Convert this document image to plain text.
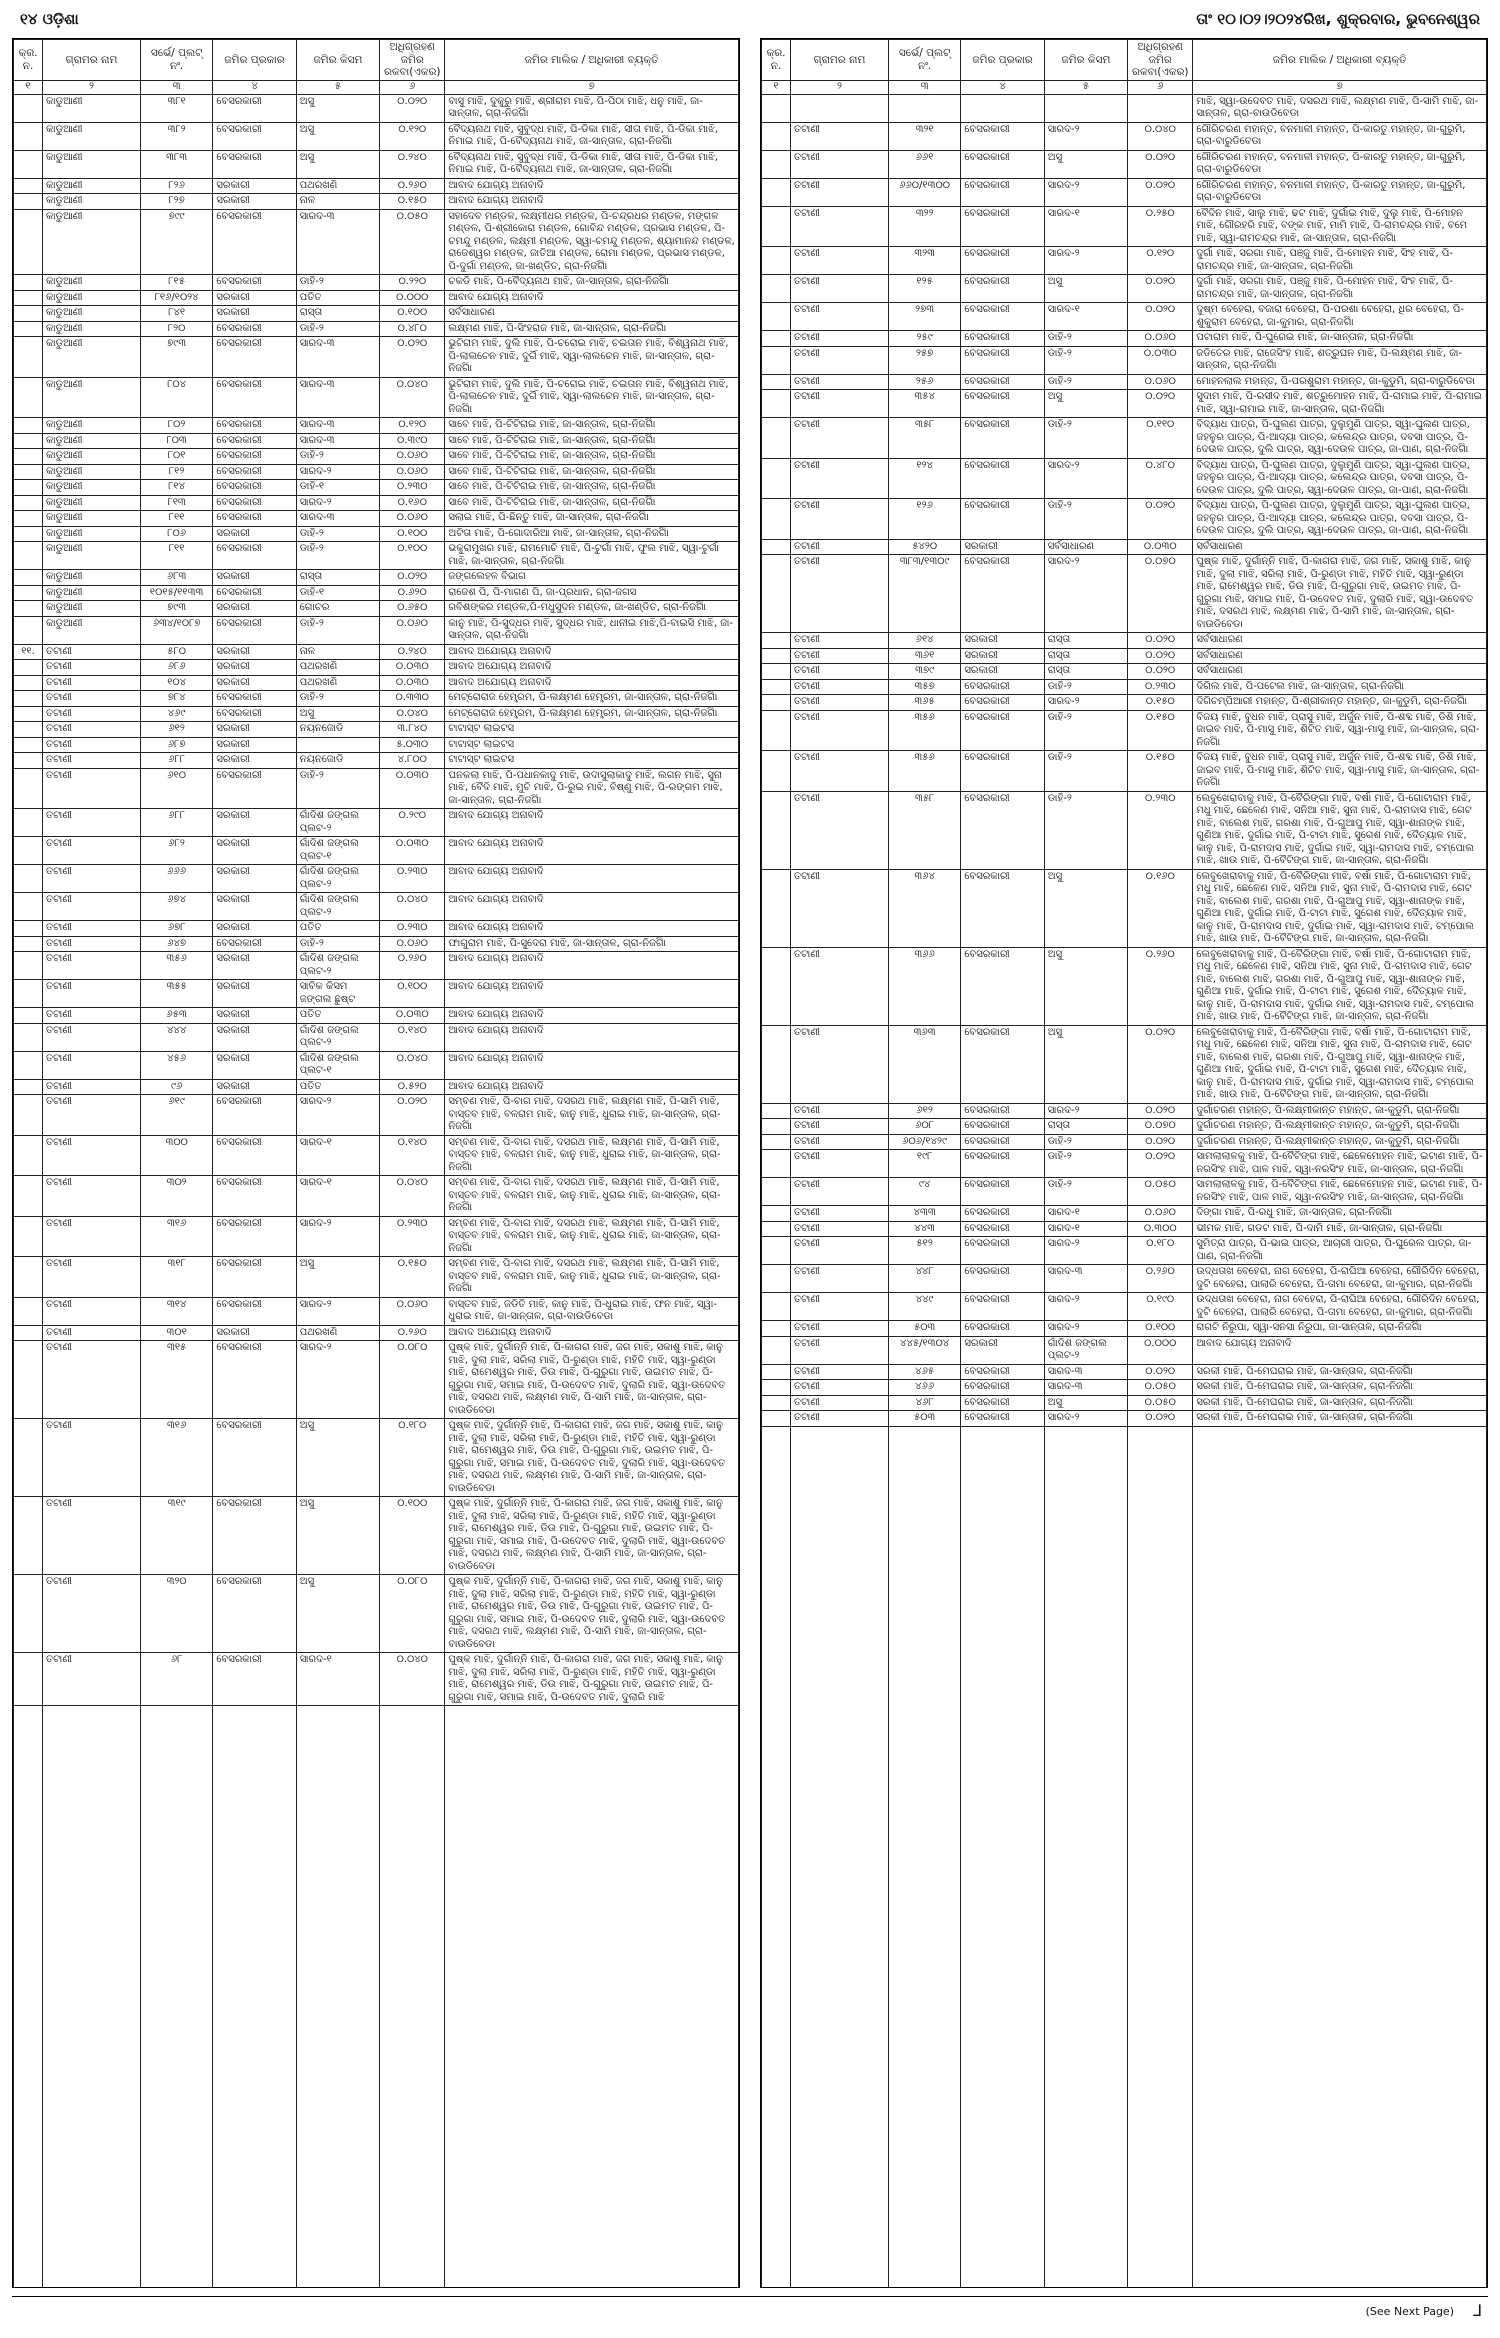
୧୪ ଓଡ଼ିଶା	ତାଂ ୧୦।୦୨।୨୦୨୪ରିଖ, ଶୁକ୍ରବାର, ଭୁବନେଶ୍ୱର
କ୍ର. ନ.	ଗ୍ରାମର ନାମ	ସର୍ଭେ/ ପ୍ଲଟ୍ ନଂ.	ଜମିର ପ୍ରକାର	ଜମିର କିସମ	ଅଧିଗ୍ରହଣ ଜମିର ରକବା(ଏକର)	ଜମିର ମାଲିକ / ଅଧିକାରୀ ବ୍ୟକ୍ତି
୧	୨	୩	୪	୫	୬	୭
	କାଡୁଆଣୀ	୩୮୧	ବେସରକାରୀ	ଅସୁ	୦.୦୨୦	ବାସୁ ମାଝି, ଦୁକୁରୁ ମାଝି, ଶ୍ରୀରାମ ମାଝି, ପି-ପିଠା ମାଝି, ଧନୁ ମାଝି, ଜା-ସାନ୍ତାଳ, ଗ୍ରା-ନିଜର୍ଗାଁ
	କାଡୁଆଣୀ	୩୮୨	ବେସରକାରୀ	ଅସୁ	୦.୧୨୦	ବୈଦ୍ୟନାଥ ମାଝି, ସୁବୁଦ୍ଧ ମାଝି, ପି-ଡିକା ମାଝି, ସୀତା ମାଝି, ପି-ଡିକା ମାଝି, ନିମାଇ ମାଝି, ପି-ବୈଦ୍ୟନାଥ ମାଝି, ଜା-ସାନ୍ତାଳ, ଗ୍ରା-ନିଜର୍ଗାଁ
	କାଡୁଆଣୀ	୩୮୩	ବେସରକାରୀ	ଅସୁ	୦.୨୪୦	ବୈଦ୍ୟନାଥ ମାଝି, ସୁବୁଦ୍ଧ ମାଝି, ପି-ଡିକା ମାଝି, ସୀତା ମାଝି, ପି-ଡିକା ମାଝି, ନିମାଇ ମାଝି, ପି-ବୈଦ୍ୟନାଥ ମାଝି, ଜା-ସାନ୍ତାଳ, ଗ୍ରା-ନିଜର୍ଗାଁ
	କାଡୁଆଣୀ	୮୨୬	ସରକାରୀ	ପଥରଖଣି	୦.୨୬୦	ଆବାଦ ଯୋଗ୍ୟ ଅନାବାଦି
	କାଡୁଆଣୀ	୮୨୭	ସରକାରୀ	ନାଳ	୦.୧୫୦	ଆବାଦ ଯୋଗ୍ୟ ଅନାବାଦି
	କାଡୁଆଣୀ	୭୯୯	ବେସରକାରୀ	ସାରଦ-୩	୦.୦୫୦	ସହାଦେବ ମଣ୍ଡଳ, ଲକ୍ଷ୍ମୀଧର ମଣ୍ଡଳ, ପି-ଚନ୍ଦ୍ରଧର ମଣ୍ଡଳ, ମଙ୍ଗଳ ମଣ୍ଡଳ, ପି-ଶ୍ରୀକୋରା ମଣ୍ଡଳ, ଗୋବିନ୍ଦ ମଣ୍ଡଳ, ପ୍ରଭାସ ମଣ୍ଡଳ, ପି-ଚମନ୍ଦୁ ମଣ୍ଡଳ, ଲକ୍ଷ୍ମୀ ମଣ୍ଡଳ, ସ୍ୱା-ଚମନ୍ଦୁ ମଣ୍ଡଳ, ଶ୍ୟାମାନନ୍ଦ ମଣ୍ଡଳ, ରାଜେଶ୍ୱର ମଣ୍ଡଳ, ଜାତିଆ ମଣ୍ଡଳ, ରୋମା ମଣ୍ଡଳ, ପ୍ରଭାସ ମଣ୍ଡଳ, ପି-ଦୁର୍ଗା ମଣ୍ଡଳ, ଜା-ଖଣ୍ଡିତ, ଗ୍ରା-ନିଜର୍ଗାଁ
	କାଡୁଆଣୀ	୮୧୫	ବେସରକାରୀ	ଡାହି-୨	୦.୨୨୦	ଚକଡି ମାଝି, ପି-ବୈଦ୍ୟନାଥ ମାଝି, ଜା-ସାନ୍ତାଳ, ଗ୍ରା-ନିଜର୍ଗାଁ
	କାଡୁଆଣୀ	୮୧୬/୧୦୨୪	ସରକାରୀ	ପତିତ	୦.୦୦୦	ଆବାଦ ଯୋଗ୍ୟ ଅନାବାଦି
	କାଡୁଆଣୀ	୮୪୧	ସରକାରୀ	ରାସ୍ତା	୦.୧୦୦	ସର୍ବସାଧାରଣ
	କାଡୁଆଣୀ	୮୨୦	ବେସରକାରୀ	ଡାହି-୨	୦.୪୮୦	ଲକ୍ଷ୍ମଣ ମାଝି, ପି-ସିଂହରାଜ ମାଝି, ଜା-ସାନ୍ତାଳ, ଗ୍ରା-ନିଜର୍ଗାଁ
	କାଡୁଆଣୀ	୭୯୩	ବେସରକାରୀ	ସାରଦ-୩	୦.୦୨୦	ଭୁଟିରାମ ମାଝି, ଦୁଲି ମାଝି, ପି-ଚରୋଇ ମାଝି, ଚଇତାନ ମାଝି, ବିଶ୍ୱନାଥ ମାଝି, ପି-ଲାଲଚେନ ମାଝି, ଦୁର୍ଗି ମାଝି, ସ୍ୱା-ଲାଲଚେନ ମାଝି, ଜା-ସାନ୍ତାଳ, ଗ୍ରା-ନିଜର୍ଗାଁ
	କାଡୁଆଣୀ	୮୦୪	ବେସରକାରୀ	ସାରଦ-୩	୦.୦୪୦	ଭୁଟିରାମ ମାଝି, ଦୁଲି ମାଝି, ପି-ଚରୋଇ ମାଝି, ଚଇତାନ ମାଝି, ବିଶ୍ୱନାଥ ମାଝି, ପି-ଲାଲଚେନ ମାଝି, ଦୁର୍ଗି ମାଝି, ସ୍ୱା-ଲାଲଚେନ ମାଝି, ଜା-ସାନ୍ତାଳ, ଗ୍ରା-ନିଜର୍ଗାଁ
	କାଡୁଆଣୀ	୮୦୨	ବେସରକାରୀ	ସାରଦ-୩	୦.୧୨୦	ସାବେ ମାଝି, ପି-ଟିଟିରାଇ ମାଝି, ଜା-ସାନ୍ତାଳ, ଗ୍ରା-ନିଜର୍ଗାଁ
	କାଡୁଆଣୀ	୮୦୩	ବେସରକାରୀ	ସାରଦ-୩	୦.୩୯୦	ସାବେ ମାଝି, ପି-ଟିଟିରାଇ ମାଝି, ଜା-ସାନ୍ତାଳ, ଗ୍ରା-ନିଜର୍ଗାଁ
	କାଡୁଆଣୀ	୮୦୧	ବେସରକାରୀ	ଡାହି-୨	୦.୦୬୦	ସାବେ ମାଝି, ପି-ଟିଟିରାଇ ମାଝି, ଜା-ସାନ୍ତାଳ, ଗ୍ରା-ନିଜର୍ଗାଁ
	କାଡୁଆଣୀ	୮୧୨	ବେସରକାରୀ	ସାରଦ-୨	୦.୦୬୦	ସାବେ ମାଝି, ପି-ଟିଟିରାଇ ମାଝି, ଜା-ସାନ୍ତାଳ, ଗ୍ରା-ନିଜର୍ଗାଁ
	କାଡୁଆଣୀ	୮୧୪	ବେସରକାରୀ	ଡାହି-୧	୦.୨୩୦	ସାବେ ମାଝି, ପି-ଟିଟିରାଇ ମାଝି, ଜା-ସାନ୍ତାଳ, ଗ୍ରା-ନିଜର୍ଗାଁ
	କାଡୁଆଣୀ	୮୧୩	ବେସରକାରୀ	ସାରଦ-୨	୦.୧୬୦	ସାବେ ମାଝି, ପି-ଟିଟିରାଇ ମାଝି, ଜା-ସାନ୍ତାଳ, ଗ୍ରା-ନିଜର୍ଗାଁ
	କାଡୁଆଣୀ	୮୧୧	ବେସରକାରୀ	ସାରଦ-୩	୦.୦୬୦	ସଲାଇ ମାଝି, ପି-ଛିନ୍ତୁ ମାଝି, ଜା-ସାନ୍ତାଳ, ଗ୍ରା-ନିଜର୍ଗାଁ
	କାଡୁଆଣୀ	୮୦୬	ସରକାରୀ	ଡାହି-୨	୦.୧୦୦	ଅଟିତା ମାଝି, ପି-ଗୋଦାରିଆ ମାଝି, ଜା-ସାନ୍ତାଳ, ଗ୍ରା-ନିଜର୍ଗାଁ
	କାଡୁଆଣୀ	୮୧୧	ବେସରକାରୀ	ଡାହି-୨	୦.୧୦୦	ଭକୁରାମୁଖର ମାଝି, ରାମମୋଚି ମାଝି, ପି-ଟୁର୍ଗା ମାଝି, ଫୁଲ ମାଝି, ସ୍ୱା-ଟୁର୍ଗା ମାଝି, ଜା-ସାନ୍ତାଳ, ଗ୍ରା-ନିଜର୍ଗାଁ
	କାଡୁଆଣୀ	୬୮୩	ସରକାରୀ	ରାସ୍ତା	୦.୦୨୦	ଜଙ୍ଗଲେହଳ ବିଭାଗ
	କାଡୁଆଣୀ	୧୦୧୫/୧୧୩୩	ବେସରକାରୀ	ଡାହି-୧	୦.୬୨୦	ରାଜେଶ ପି, ପି-ମାଗଣ ପି, ଜା-ପ୍ରଧାନ, ଗ୍ରା-ଜଗସ
	କାଡୁଆଣୀ	୭୯୩	ସରକାରୀ	ଗୋଚର	୦.୬୫୦	ରବିଶଙ୍କର ମଣ୍ଡଳ,ପି-ମଧୁସୁଦନ ମଣ୍ଡଳ, ଜା-ଖଣ୍ଡିତ, ଗ୍ରା-ନିଜର୍ଗାଁ
	କାଡୁଆଣୀ	୬୩୪/୧୦୮୭	ବେସରକାରୀ	ଡାହି-୨	୦.୦୬୦	କାନୁ ମାଝି, ପି-ସୁଦ୍ଧର ମାଝି, ସୁଦ୍ଧର ମାଝି, ଧାନୀଇ ମାଝି,ପି-ବାଇସି ମାଝି, ଜା-ସାନ୍ତାଳ, ଗ୍ରା-ନିଜର୍ଗାଁ
୧୧.	ତଟାଣୀ	୫୮୦	ସରକାରୀ	ନାଳ	୦.୨୪୦	ଆବାଦ ଅଯୋଗ୍ୟ ଅନାବାଦି
	ତଟାଣୀ	୬୮୬	ସରକାରୀ	ପଥରଖଣି	୦.୦୩୦	ଆବାଦ ଅଯୋଗ୍ୟ ଅନାବାଦି
	ତଟାଣୀ	୧୦୪	ସରକାରୀ	ପଥରଖଣି	୦.୦୩୦	ଆବାଦ ଅଯୋଗ୍ୟ ଅନାବାଦି
	ତଟାଣୀ	୭୮୪	ବେସରକାରୀ	ଡାହି-୨	୦.୩୩୦	ମେଟ୍ରୋରାଜ ହେମ୍ବ୍ରମ, ପି-ଲକ୍ଷ୍ମଣ ହେମ୍ବ୍ରମ, ଜା-ସାନ୍ତାଳ, ଗ୍ରା-ନିଜର୍ଗାଁ
	ତଟାଣୀ	୪୬୯	ବେସରକାରୀ	ଅସୁ	୦.୦୪୦	ମେଟ୍ରୋରାଜ ହେମ୍ବ୍ରମ, ପି-ଲକ୍ଷ୍ମଣ ହେମ୍ବ୍ରମ, ଜା-ସାନ୍ତାଳ, ଗ୍ରା-ନିଜର୍ଗାଁ
	ତଟାଣୀ	୬୧୨	ସରକାରୀ	ନୟନଜୋଡି	୩.୮୪୦	ଟାଟାସ୍ଟ ଲାଇଟସ
	ତଟାଣୀ	୬୮୭	ସରକାରୀ		୫.୦୩୦	ଟାଟାସ୍ଟ ଲାଇଟସ
	ତଟାଣୀ	୬୮୮	ସରକାରୀ	ନୟନଜୋଡି	୪.୮୦୦	ଟାଟାସ୍ଟ ଲାଇଟସ
	ତଟାଣୀ	୬୧୦	ବେସରକାରୀ	ଡାହି-୨	୦.୦୩୦	ଘନକଲା ମାଝି, ପି-ପଧାନକାଦୁ ମାଝି, ଉଦାସୁଲାକାଦୁ ମାଝି, ଲଗନ ମାଝି, ସୁନା ମାଝି, ବୈଦି ମାଝି, ମୁଚି ମାଝି, ପି-ରୁଇ ମାଝି, ବିଷ୍ଣୁ ମାଝି, ପି-ରଙ୍ଗମ ମାଝି, ଜା-ସାନ୍ତାଳ, ଗ୍ରା-ନିଜର୍ଗାଁ
	ତଟାଣୀ	୬୮୮	ସରକାରୀ	ଗାଁଦିଶ ଜଙ୍ଗଲ ପ୍ଲଟ-୨	୦.୨୯୦	ଆବାଦ ଯୋଗ୍ୟ ଅନାବାଦି
	ତଟାଣୀ	୬୮୨	ସରକାରୀ	ଗାଁଦିଶ ଜଙ୍ଗଲ ପ୍ଲଟ-୧	୦.୦୩୦	ଆବାଦ ଯୋଗ୍ୟ ଅନାବାଦି
	ତଟାଣୀ	୬୬୬	ସରକାରୀ	ଗାଁଦିଶ ଜଙ୍ଗଲ ପ୍ଲଟ-୨	୦.୨୩୦	ଆବାଦ ଯୋଗ୍ୟ ଅନାବାଦି
	ତଟାଣୀ	୬୭୪	ସରକାରୀ	ଗାଁଦିଶ ଜଙ୍ଗଲ ପ୍ଲଟ-୨	୦.୦୪୦	ଆବାଦ ଯୋଗ୍ୟ ଅନାବାଦି
	ତଟାଣୀ	୬୭୮	ସରକାରୀ	ପତିତ	୦.୨୩୦	ଆବାଦ ଯୋଗ୍ୟ ଅନାବାଦି
	ତଟାଣୀ	୬୪୭	ବେସରକାରୀ	ଡାହି-୨	୦.୦୬୦	ଫାଗୁରାମ ମାଝି, ପି-ସୁଦେରା ମାଝି, ଜା-ସାନ୍ତାଳ, ଗ୍ରା-ନିଜର୍ଗାଁ
	ତଟାଣୀ	୩୫୬	ସରକାରୀ	ଗାଁଦିଶ ଜଙ୍ଗଲ ପ୍ଲଟ-୨	୦.୨୬୦	ଆବାଦ ଯୋଗ୍ୟ ଅନାବାଦି
	ତଟାଣୀ	୩୫୫	ସରକାରୀ	ସାବିକ କିସମ ଜଙ୍ଗଲ ଛୁଷ୍ଟ	୦.୧୦୦	ଆବାଦ ଯୋଗ୍ୟ ଅନାବାଦି
	ତଟାଣୀ	୬୫୩	ସରକାରୀ	ପତିତ	୦.୦୩୦	ଆବାଦ ଯୋଗ୍ୟ ଅନାବାଦି
	ତଟାଣୀ	୪୪୪	ସରକାରୀ	ଗାଁଦିଶ ଜଙ୍ଗଲ ପ୍ଲଟ-୨	୦.୧୪୦	ଆବାଦ ଯୋଗ୍ୟ ଅନାବାଦି
	ତଟାଣୀ	୪୫୬	ସରକାରୀ	ଗାଁଦିଶ ଜଙ୍ଗଲ ପ୍ଲଟ-୧	୦.୦୪୦	ଆବାଦ ଯୋଗ୍ୟ ଅନାବାଦି
	ତଟାଣୀ	୯୬	ସରକାରୀ	ପତିତ	୦.୫୨୦	ଆବାଦ ଯୋଗ୍ୟ ଅନାବାଦି
	ତଟାଣୀ	୬୧୯	ବେସରକାରୀ	ସାରଦ-୨	୦.୦୨୦	ସମ୍ବଣ ମାଝି, ପି-ବାଗ ମାଝି, ଦସରଥ ମାଝି, ଲକ୍ଷ୍ମଣ ମାଝି, ପି-ସାମି ମାଝି, ବାସ୍ତବ ମାଝି, ବଳରାମ ମାଝି, କାନୁ ମାଝି, ଧୁରାଇ ମାଝି, ଜା-ସାନ୍ତାଳ, ଗ୍ରା-ନିଜର୍ଗାଁ
	ତଟାଣୀ	୩୦୦	ବେସରକାରୀ	ସାରଦ-୧	୦.୧୪୦	ସମ୍ବଣ ମାଝି, ପି-ବାଗ ମାଝି, ଦସରଥ ମାଝି, ଲକ୍ଷ୍ମଣ ମାଝି, ପି-ସାମି ମାଝି, ବାସ୍ତବ ମାଝି, ବଳରାମ ମାଝି, କାନୁ ମାଝି, ଧୁରାଇ ମାଝି, ଜା-ସାନ୍ତାଳ, ଗ୍ରା-ନିଜର୍ଗାଁ
	ତଟାଣୀ	୩୦୨	ବେସରକାରୀ	ସାରଦ-୧	୦.୦୪୦	ସମ୍ବଣ ମାଝି, ପି-ବାଗ ମାଝି, ଦସରଥ ମାଝି, ଲକ୍ଷ୍ମଣ ମାଝି, ପି-ସାମି ମାଝି, ବାସ୍ତବ ମାଝି, ବଳରାମ ମାଝି, କାନୁ ମାଝି, ଧୁରାଇ ମାଝି, ଜା-ସାନ୍ତାଳ, ଗ୍ରା-ନିଜର୍ଗାଁ
	ତଟାଣୀ	୩୧୬	ବେସରକାରୀ	ସାରଦ-୨	୦.୨୩୦	ସମ୍ବଣ ମାଝି, ପି-ବାଗ ମାଝି, ଦସରଥ ମାଝି, ଲକ୍ଷ୍ମଣ ମାଝି, ପି-ସାମି ମାଝି, ବାସ୍ତବ ମାଝି, ବଳରାମ ମାଝି, କାନୁ ମାଝି, ଧୁରାଇ ମାଝି, ଜା-ସାନ୍ତାଳ, ଗ୍ରା-ନିଜର୍ଗାଁ
	ତଟାଣୀ	୩୧୮	ବେସରକାରୀ	ଅସୁ	୦.୧୫୦	ସମ୍ବଣ ମାଝି, ପି-ବାଗ ମାଝି, ଦସରଥ ମାଝି, ଲକ୍ଷ୍ମଣ ମାଝି, ପି-ସାମି ମାଝି, ବାସ୍ତବ ମାଝି, ବଳରାମ ମାଝି, କାନୁ ମାଝି, ଧୁରାଇ ମାଝି, ଜା-ସାନ୍ତାଳ, ଗ୍ରା-ନିଜର୍ଗାଁ
	ତଟାଣୀ	୩୧୪	ବେସରକାରୀ	ସାରଦ-୨	୦.୦୬୦	ବାସ୍ତବ ମାଝି, ଜଡିତି ମାଝି, କାନୁ ମାଝି, ପି-ଧୁରାଇ ମାଝି, ଫନ ମାଝି, ସ୍ୱା-ଧୁରାଇ ମାଝି, ଜା-ସାନ୍ତାଳ, ଗ୍ରା-ବାଉଡିବେଡା
	ତଟାଣୀ	୩୦୧	ସରକାରୀ	ପଥରଖଣି	୦.୨୬୦	ଆବାଦ ଅଯୋଗ୍ୟ ଅନାବାଦି
	ତଟାଣୀ	୩୧୫	ବେସରକାରୀ	ସାରଦ-୨	୦.୦୮୦	ପୁଷ୍କ ମାଝି, ଦୁର୍ଗାନ୍ନି ମାଝି, ପି-କାଗରା ମାଝି, ଜଗ ମାଝି, ସକାଶୁ ମାଝି, କାନୁ ମାଝି, ଦୁଲା ମାଝି, ସରିଲା ମାଝି, ପି-ରୁଣ୍ଡା ମାଝି, ମହିତି ମାଝି, ସ୍ୱା-ରୁଣ୍ଡା ମାଝି, ରାମେଶ୍ୱର ମାଝି, ଡିଉ ମାଝି, ପି-ଗୁରୁଗା ମାଝି, ଉଇମତ ମାଝି, ପି-ଗୁରୁଗା ମାଝି, ସମାଇ ମାଝି, ପି-ଉଦେବତ ମାଝି, ଦୁଲାରି ମାଝି, ସ୍ୱା-ଉଦେବତ ମାଝି, ଦସରଥ ମାଝି, ଲକ୍ଷ୍ମଣ ମାଝି, ପି-ସାମି ମାଝି, ଜା-ସାନ୍ତାଳ, ଗ୍ରା-ବାଉଡିବେଡା
	ତଟାଣୀ	୩୧୬	ବେସରକାରୀ	ଅସୁ	୦.୧୮୦	ପୁଷ୍କ ମାଝି, ଦୁର୍ଗାନ୍ନି ମାଝି, ପି-କାଗରା ମାଝି, ଜଗ ମାଝି, ସକାଶୁ ମାଝି, କାନୁ ମାଝି, ଦୁଲା ମାଝି, ସରିଲା ମାଝି, ପି-ରୁଣ୍ଡା ମାଝି, ମହିତି ମାଝି, ସ୍ୱା-ରୁଣ୍ଡା ମାଝି, ରାମେଶ୍ୱର ମାଝି, ଡିଉ ମାଝି, ପି-ଗୁରୁଗା ମାଝି, ଉଇମତ ମାଝି, ପି-ଗୁରୁଗା ମାଝି, ସମାଇ ମାଝି, ପି-ଉଦେବତ ମାଝି, ଦୁଲାରି ମାଝି, ସ୍ୱା-ଉଦେବତ ମାଝି, ଦସରଥ ମାଝି, ଲକ୍ଷ୍ମଣ ମାଝି, ପି-ସାମି ମାଝି, ଜା-ସାନ୍ତାଳ, ଗ୍ରା-ବାଉଡିବେଡା
	ତଟାଣୀ	୩୧୯	ବେସରକାରୀ	ଅସୁ	୦.୧୦୦	ପୁଷ୍କ ମାଝି, ଦୁର୍ଗାନ୍ନି ମାଝି, ପି-କାଗରା ମାଝି, ଜଗ ମାଝି, ସକାଶୁ ମାଝି, କାନୁ ମାଝି, ଦୁଲା ମାଝି, ସରିଲା ମାଝି, ପି-ରୁଣ୍ଡା ମାଝି, ମହିତି ମାଝି, ସ୍ୱା-ରୁଣ୍ଡା ମାଝି, ରାମେଶ୍ୱର ମାଝି, ଡିଉ ମାଝି, ପି-ଗୁରୁଗା ମାଝି, ଉଇମତ ମାଝି, ପି-ଗୁରୁଗା ମାଝି, ସମାଇ ମାଝି, ପି-ଉଦେବତ ମାଝି, ଦୁଲାରି ମାଝି, ସ୍ୱା-ଉଦେବତ ମାଝି, ଦସରଥ ମାଝି, ଲକ୍ଷ୍ମଣ ମାଝି, ପି-ସାମି ମାଝି, ଜା-ସାନ୍ତାଳ, ଗ୍ରା-ବାଉଡିବେଡା
	ତଟାଣୀ	୩୨୦	ବେସରକାରୀ	ଅସୁ	୦.୦୮୦	ପୁଷ୍କ ମାଝି, ଦୁର୍ଗାନ୍ନି ମାଝି, ପି-କାଗରା ମାଝି, ଜଗ ମାଝି, ସକାଶୁ ମାଝି, କାନୁ ମାଝି, ଦୁଲା ମାଝି, ସରିଲା ମାଝି, ପି-ରୁଣ୍ଡା ମାଝି, ମହିତି ମାଝି, ସ୍ୱା-ରୁଣ୍ଡା ମାଝି, ରାମେଶ୍ୱର ମାଝି, ଡିଉ ମାଝି, ପି-ଗୁରୁଗା ମାଝି, ଉଇମତ ମାଝି, ପି-ଗୁରୁଗା ମାଝି, ସମାଇ ମାଝି, ପି-ଉଦେବତ ମାଝି, ଦୁଲାରି ମାଝି, ସ୍ୱା-ଉଦେବତ ମାଝି, ଦସରଥ ମାଝି, ଲକ୍ଷ୍ମଣ ମାଝି, ପି-ସାମି ମାଝି, ଜା-ସାନ୍ତାଳ, ଗ୍ରା-ବାଉଡିବେଡା
	ତଟାଣୀ	୬୮	ବେସରକାରୀ	ସାରଦ-୧	୦.୦୪୦	ପୁଷ୍କ ମାଝି, ଦୁର୍ଗାନ୍ନି ମାଝି, ପି-କାଗରା ମାଝି, ଜଗ ମାଝି, ସକାଶୁ ମାଝି, କାନୁ ମାଝି, ଦୁଲା ମାଝି, ସରିଲା ମାଝି, ପି-ରୁଣ୍ଡା ମାଝି, ମହିତି ମାଝି, ସ୍ୱା-ରୁଣ୍ଡା ମାଝି, ରାମେଶ୍ୱର ମାଝି, ଡିଉ ମାଝି, ପି-ଗୁରୁଗା ମାଝି, ଉଇମତ ମାଝି, ପି-ଗୁରୁଗା ମାଝି, ସମାଇ ମାଝି, ପି-ଉଦେବତ ମାଝି, ଦୁଲାରି ମାଝି

କ୍ର. ନ.	ଗ୍ରାମର ନାମ	ସର୍ଭେ/ ପ୍ଲଟ୍ ନଂ.	ଜମିର ପ୍ରକାର	ଜମିର କିସମ	ଅଧିଗ୍ରହଣ ଜମିର ରକବା(ଏକର)	ଜମିର ମାଲିକ / ଅଧିକାରୀ ବ୍ୟକ୍ତି
୧	୨	୩	୪	୫	୬	୭
						ମାଝି, ସ୍ୱା-ଉଦେବତ ମାଝି, ଦସରଥ ମାଝି, ଲକ୍ଷ୍ମଣ ମାଝି, ପି-ସାମି ମାଝି, ଜା-ସାନ୍ତାଳ, ଗ୍ରା-ବାଉଡିବେଡା
	ତଟାଣୀ	୩୨୧	ବେସରକାରୀ	ସାରଦ-୨	୦.୦୪୦	ଗୌରିଚରଣ ମହାନ୍ତ, ବନମାଳୀ ମହାନ୍ତ, ପି-କାରତୁ ମହାନ୍ତ, ଜା-ଗୁରୁମି, ଗ୍ରା-ବାରୁଡିବେଡା
	ତଟାଣୀ	୬୬୧	ବେସରକାରୀ	ଅସୁ	୦.୦୨୦	ଗୌରିଚରଣ ମହାନ୍ତ, ବନମାଳୀ ମହାନ୍ତ, ପି-କାରତୁ ମହାନ୍ତ, ଜା-ଗୁରୁମି, ଗ୍ରା-ବାରୁଡିବେଡା
	ତଟାଣୀ	୬୬୦/୧୩୦୦	ବେସରକାରୀ	ସାରଦ-୨	୦.୦୨୦	ଗୌରିଚରଣ ମହାନ୍ତ, ବନମାଳୀ ମହାନ୍ତ, ପି-କାରତୁ ମହାନ୍ତ, ଜା-ଗୁରୁମି, ଗ୍ରା-ବାରୁଡିବେଡା
	ତଟାଣୀ	୩୨୨	ବେସରକାରୀ	ସାରଦ-୧	୦.୨୫୦	ବୈଦିନ ମାଝି, ସାଲୁ ମାଝି, ଢଟ ମାଝି, ଦୁର୍ଗାଇ ମାଝି, ଦୁଲୁ ମାଝି, ପି-ମୋହନ ମାଝି, ଗୌରହରି ମାଝି, ବଙ୍କ ମାଝି, ମାମି ମାଝି, ପି-ରାମଚନ୍ଦ୍ର ମାଝି, ବମେ ମାଝି, ସ୍ୱା-ରାମଚନ୍ଦ୍ର ମାଝି, ଜା-ସାନ୍ତାଳ, ଗ୍ରା-ନିଜର୍ଗାଁ
	ତଟାଣୀ	୩୨୩	ବେସରକାରୀ	ସାରଦ-୨	୦.୧୨୦	ଦୁର୍ଗା ମାଝି, ସରଗା ମାଝି, ପଞ୍ଜୁ ମାଝି, ପି-ମୋହନ ମାଝି, ସିଂହ ମାଝି, ପି-ରାମଚନ୍ଦ୍ର ମାଝି, ଜା-ସାନ୍ତାଳ, ଗ୍ରା-ନିଜର୍ଗାଁ
	ତଟାଣୀ	୧୨୫	ବେସରକାରୀ	ଅସୁ	୦.୦୨୦	ଦୁର୍ଗା ମାଝି, ସରଗା ମାଝି, ପଞ୍ଜୁ ମାଝି, ପି-ମୋହନ ମାଝି, ସିଂହ ମାଝି, ପି-ରାମଚନ୍ଦ୍ର ମାଝି, ଜା-ସାନ୍ତାଳ, ଗ୍ରା-ନିଜର୍ଗାଁ
	ତଟାଣୀ	୨୭୩	ବେସରକାରୀ	ସାରଦ-୧	୦.୦୨୦	ଦୁଷ୍ମ ବେହେରା, ବଜାରା ବେହେରା, ପି-ପରଶା ବେହେରା, ଧିର ବେହେରା, ପି-ଶୁକୁରାମ ବେହେରା, ଜା-କୁମାର, ଗ୍ରା-ନିଜର୍ଗାଁ
	ତଟାଣୀ	୨୫୯	ବେସରକାରୀ	ଡାହି-୨	୦.୦୬୦	ପଟାରାମ ମାଝି, ପି-ଘୁରେଇ ମାଝି, ଜା-ସାନ୍ତାଳ, ଗ୍ରା-ନିଜର୍ଗାଁ
	ତଟାଣୀ	୨୫୭	ବେସରକାରୀ	ଡାହି-୨	୦.୦୩୦	ଜଡିତେର ମାଝି, ରାଜେସିଂହ ମାଝି, ଶତ୍ରୁଘନ ମାଝି, ପି-ଲକ୍ଷ୍ମଣ ମାଝି, ଜା-ସାନ୍ତାଳ, ଗ୍ରା-ନିଜର୍ଗାଁ
	ତଟାଣୀ	୨୫୬	ବେସରକାରୀ	ଡାହି-୨	୦.୦୬୦	ମୋହନଲାଲ ମହାନ୍ତ, ପି-ପରଶୁରାମ ମହାନ୍ତ, ଜା-କୁଡୁମି, ଗ୍ରା-ବାରୁଡିବେଡା
	ତଟାଣୀ	୩୫୪	ବେସରକାରୀ	ଅସୁ	୦.୦୨୦	ସୁଦାମ ମାଝି, ପି-ରସୀଦ ମାଝି, ଶତ୍ରୁମୋହନ ମାଝି, ପି-ରାମାଇ ମାଝି, ପି-ରାମାଇ ମାଝି, ସ୍ୱା-ରାମାଇ ମାଝି, ଜା-ସାନ୍ତାଳ, ଗ୍ରା-ନିଜର୍ଗାଁ
	ତଟାଣୀ	୩୫୮	ବେସରକାରୀ	ଡାହି-୨	୦.୧୧୦	ବିଦ୍ୟାଧ ପାତ୍ର, ପି-ଘୁଲଣ ପାତ୍ର, ଦୁଲୁମୁଣି ପାତ୍ର, ସ୍ୱା-ଘୁଲଣ ପାତ୍ର, ଜହଳୁର ପାତ୍ର, ପି-ଆଦ୍ୟା ପାତ୍ର, କଲେନ୍ଦ୍ର ପାତ୍ର, ଦବସା ପାତ୍ର, ପି-ଦେଉଳ ପାତ୍ର, ଦୁଲି ପାତ୍ର, ସ୍ୱା-ଦେଉଳ ପାତ୍ର, ଜା-ପାଣ, ଗ୍ରା-ନିଜର୍ଗାଁ
	ତଟାଣୀ	୧୨୪	ବେସରକାରୀ	ସାରଦ-୨	୦.୪୮୦	ବିଦ୍ୟାଧ ପାତ୍ର, ପି-ଘୁଲଣ ପାତ୍ର, ଦୁଲୁମୁଣି ପାତ୍ର, ସ୍ୱା-ଘୁଲଣ ପାତ୍ର, ଜହଳୁର ପାତ୍ର, ପି-ଆଦ୍ୟା ପାତ୍ର, କଲେନ୍ଦ୍ର ପାତ୍ର, ଦବସା ପାତ୍ର, ପି-ଦେଉଳ ପାତ୍ର, ଦୁଲି ପାତ୍ର, ସ୍ୱା-ଦେଉଳ ପାତ୍ର, ଜା-ପାଣ, ଗ୍ରା-ନିଜର୍ଗାଁ
	ତଟାଣୀ	୧୨୬	ବେସରକାରୀ	ଡାହି-୨	୦.୦୨୦	ବିଦ୍ୟାଧ ପାତ୍ର, ପି-ଘୁଲଣ ପାତ୍ର, ଦୁଲୁମୁଣି ପାତ୍ର, ସ୍ୱା-ଘୁଲଣ ପାତ୍ର, ଜହଳୁର ପାତ୍ର, ପି-ଆଦ୍ୟା ପାତ୍ର, କଲେନ୍ଦ୍ର ପାତ୍ର, ଦବସା ପାତ୍ର, ପି-ଦେଉଳ ପାତ୍ର, ଦୁଲି ପାତ୍ର, ସ୍ୱା-ଦେଉଳ ପାତ୍ର, ଜା-ପାଣ, ଗ୍ରା-ନିଜର୍ଗାଁ
	ତଟାଣୀ	୫୪୨୦	ସରକାରୀ	ସର୍ବସାଧାରଣ	୦.୦୩୦	ସର୍ବସାଧାରଣ
	ତଟାଣୀ	୩୮୩/୧୩୦୯	ବେସରକାରୀ	ସାରଦ-୨	୦.୦୭୦	ପୁଷ୍କ ମାଝି, ଦୁର୍ଗାନ୍ନି ମାଝି, ପି-କାଗରା ମାଝି, ଜଗ ମାଝି, ସକାଶୁ ମାଝି, କାନୁ ମାଝି, ଦୁଲା ମାଝି, ସରିଲା ମାଝି, ପି-ରୁଣ୍ଡା ମାଝି, ମହିତି ମାଝି, ସ୍ୱା-ରୁଣ୍ଡା ମାଝି, ରାମେଶ୍ୱର ମାଝି, ଡିଉ ମାଝି, ପି-ଗୁରୁଗା ମାଝି, ଉଇମତ ମାଝି, ପି-ଗୁରୁଗା ମାଝି, ସମାଇ ମାଝି, ପି-ଉଦେବତ ମାଝି, ଦୁଲାରି ମାଝି, ସ୍ୱା-ଉଦେବତ ମାଝି, ଦସରଥ ମାଝି, ଲକ୍ଷ୍ମଣ ମାଝି, ପି-ସାମି ମାଝି, ଜା-ସାନ୍ତାଳ, ଗ୍ରା-ବାଉଡିବେଡା
	ତଟାଣୀ	୬୧୪	ସରକାରୀ	ରାସ୍ତା	୦.୦୨୦	ସର୍ବସାଧାରଣ
	ତଟାଣୀ	୩୬୧	ସରକାରୀ	ରାସ୍ତା	୦.୦୨୦	ସର୍ବସାଧାରଣ
	ତଟାଣୀ	୩୭୯	ସରକାରୀ	ରାସ୍ତା	୦.୦୨୦	ସର୍ବସାଧାରଣ
	ତଟାଣୀ	୩୫୭	ବେସରକାରୀ	ଡାହି-୨	୦.୨୩୦	ଦିଗିଲ ମାଝି, ପି-ପଟେଲ ମାଝି, ଜା-ସାନ୍ତାଳ, ଗ୍ରା-ନିଜର୍ଗାଁ
	ତଟାଣୀ	୩୬୫	ବେସରକାରୀ	ସାରଦ-୨	୦.୧୫୦	ଦିଗିଚମ୍ପିଆରୀ ମହାନ୍ତ, ପି-ଶ୍ରୀକାନ୍ତ ମହାନ୍ତ, ଜା-କୁଡୁମି, ଗ୍ରା-ନିଜର୍ଗାଁ
	ତଟାଣୀ	୩୫୬	ବେସରକାରୀ	ଡାହି-୨	୦.୧୫୦	ବିଜୟ ମାଝି, ବୁଧନ ମାଝି, ପ୍ରାସୁ ମାଝି, ଅର୍ଜୁନ ମାଝି, ପି-ଶବ୍ଦ ମାଝି, ଡିଶି ମାଝି, ଜାଇବ ମାଝି, ପି-ମାସୁ ମାଝି, ଶିଟିତ ମାଝି, ସ୍ୱା-ମାସୁ ମାଝି, ଜା-ସାନ୍ତାଳ, ଗ୍ରା-ନିଜର୍ଗାଁ
	ତଟାଣୀ	୩୫୬	ବେସରକାରୀ	ଡାହି-୨	୦.୧୫୦	ବିଜୟ ମାଝି, ବୁଧନ ମାଝି, ପ୍ରାସୁ ମାଝି, ଅର୍ଜୁନ ମାଝି, ପି-ଶବ୍ଦ ମାଝି, ଡିଶି ମାଝି, ଜାଇବ ମାଝି, ପି-ମାସୁ ମାଝି, ଶିଟିତ ମାଝି, ସ୍ୱା-ମାସୁ ମାଝି, ଜା-ସାନ୍ତାଳ, ଗ୍ରା-ନିଜର୍ଗାଁ
	ତଟାଣୀ	୩୫୮	ବେସରକାରୀ	ଡାହି-୨	୦.୨୩୦	ଲେବୁଖେରାବାକୁ ମାଝି, ପି-ବୈରିଙ୍ଗା ମାଝି, ବର୍ଷା ମାଝି, ପି-ଗୋଟାରାମ ମାଝି, ମଧୁ ମାଝି, ଛେଳେଣ ମାଝି, ସନିଆ ମାଝି, ସୁନା ମାଝି, ପି-ରାମଦାସ ମାଝି, ଗେଟ ମାଝି, ବାଲେଶ ମାଝି, ଗରଶା ମାଝି, ପି-ଗୁଆପୁ ମାଝି, ସ୍ୱା-ଶାନାଙ୍କ ମାଝି, ଗୁଣିଆ ମାଝି, ଦୁର୍ଗାଇ ମାଝି, ପି-ଟାଟା ମାଝି, ସୁଗେଶ ମାଝି, ଦୈତ୍ୟାଳ ମାଝି, କାଳୁ ମାଝି, ପି-ରାମଦାସ ମାଝି, ଦୁର୍ଗାଇ ମାଝି, ସ୍ୱା-ରାମଦାସ ମାଝି, ଟମ୍ପୋଲ ମାଝି, ଖାଉ ମାଝି, ପି-ବୈଟିଙ୍ଗ ମାଝି, ଜା-ସାନ୍ତାଳ, ଗ୍ରା-ନିଜର୍ଗାଁ
	ତଟାଣୀ	୩୬୪	ବେସରକାରୀ	ଅସୁ	୦.୧୬୦	ଲେବୁଖେରାବାକୁ ମାଝି, ପି-ବୈରିଙ୍ଗା ମାଝି, ବର୍ଷା ମାଝି, ପି-ଗୋଟାରାମ ମାଝି, ମଧୁ ମାଝି, ଛେଳେଣ ମାଝି, ସନିଆ ମାଝି, ସୁନା ମାଝି, ପି-ରାମଦାସ ମାଝି, ଗେଟ ମାଝି, ବାଲେଶ ମାଝି, ଗରଶା ମାଝି, ପି-ଗୁଆପୁ ମାଝି, ସ୍ୱା-ଶାନାଙ୍କ ମାଝି, ଗୁଣିଆ ମାଝି, ଦୁର୍ଗାଇ ମାଝି, ପି-ଟାଟା ମାଝି, ସୁଗେଶ ମାଝି, ଦୈତ୍ୟାଳ ମାଝି, କାଳୁ ମାଝି, ପି-ରାମଦାସ ମାଝି, ଦୁର୍ଗାଇ ମାଝି, ସ୍ୱା-ରାମଦାସ ମାଝି, ଟମ୍ପୋଲ ମାଝି, ଖାଉ ମାଝି, ପି-ବୈଟିଙ୍ଗ ମାଝି, ଜା-ସାନ୍ତାଳ, ଗ୍ରା-ନିଜର୍ଗାଁ
	ତଟାଣୀ	୩୬୬	ବେସରକାରୀ	ଅସୁ	୦.୨୬୦	ଲେବୁଖେରାବାକୁ ମାଝି, ପି-ବୈରିଙ୍ଗା ମାଝି, ବର୍ଷା ମାଝି, ପି-ଗୋଟାରାମ ମାଝି, ମଧୁ ମାଝି, ଛେଳେଣ ମାଝି, ସନିଆ ମାଝି, ସୁନା ମାଝି, ପି-ରାମଦାସ ମାଝି, ଗେଟ ମାଝି, ବାଲେଶ ମାଝି, ଗରଶା ମାଝି, ପି-ଗୁଆପୁ ମାଝି, ସ୍ୱା-ଶାନାଙ୍କ ମାଝି, ଗୁଣିଆ ମାଝି, ଦୁର୍ଗାଇ ମାଝି, ପି-ଟାଟା ମାଝି, ସୁଗେଶ ମାଝି, ଦୈତ୍ୟାଳ ମାଝି, କାଳୁ ମାଝି, ପି-ରାମଦାସ ମାଝି, ଦୁର୍ଗାଇ ମାଝି, ସ୍ୱା-ରାମଦାସ ମାଝି, ଟମ୍ପୋଲ ମାଝି, ଖାଉ ମାଝି, ପି-ବୈଟିଙ୍ଗ ମାଝି, ଜା-ସାନ୍ତାଳ, ଗ୍ରା-ନିଜର୍ଗାଁ
	ତଟାଣୀ	୩୬୩	ବେସରକାରୀ	ଅସୁ	୦.୦୨୦	ଲେବୁଖେରାବାକୁ ମାଝି, ପି-ବୈରିଙ୍ଗା ମାଝି, ବର୍ଷା ମାଝି, ପି-ଗୋଟାରାମ ମାଝି, ମଧୁ ମାଝି, ଛେଳେଣ ମାଝି, ସନିଆ ମାଝି, ସୁନା ମାଝି, ପି-ରାମଦାସ ମାଝି, ଗେଟ ମାଝି, ବାଲେଶ ମାଝି, ଗରଶା ମାଝି, ପି-ଗୁଆପୁ ମାଝି, ସ୍ୱା-ଶାନାଙ୍କ ମାଝି, ଗୁଣିଆ ମାଝି, ଦୁର୍ଗାଇ ମାଝି, ପି-ଟାଟା ମାଝି, ସୁଗେଶ ମାଝି, ଦୈତ୍ୟାଳ ମାଝି, କାଳୁ ମାଝି, ପି-ରାମଦାସ ମାଝି, ଦୁର୍ଗାଇ ମାଝି, ସ୍ୱା-ରାମଦାସ ମାଝି, ଟମ୍ପୋଲ ମାଝି, ଖାଉ ମାଝି, ପି-ବୈଟିଙ୍ଗ ମାଝି, ଜା-ସାନ୍ତାଳ, ଗ୍ରା-ନିଜର୍ଗାଁ
	ତଟାଣୀ	୬୧୨	ବେସରକାରୀ	ସାରଦ-୨	୦.୦୨୦	ଦୁର୍ଗାଚରଣ ମହାନ୍ତ, ପି-ଲକ୍ଷ୍ମୀକାନ୍ତ ମହାନ୍ତ, ଜା-କୁଡୁମି, ଗ୍ରା-ନିଜର୍ଗାଁ
	ତଟାଣୀ	୬୦୮	ବେସରକାରୀ	ରାସ୍ତା	୦.୦୭୦	ଦୁର୍ଗାଚରଣ ମହାନ୍ତ, ପି-ଲକ୍ଷ୍ମୀକାନ୍ତ ମହାନ୍ତ, ଜା-କୁଡୁମି, ଗ୍ରା-ନିଜର୍ଗାଁ
	ତଟାଣୀ	୬୦୬/୧୪୨୯	ବେସରକାରୀ	ଡାହି-୨	୦.୦୨୦	ଦୁର୍ଗାଚରଣ ମହାନ୍ତ, ପି-ଲକ୍ଷ୍ମୀକାନ୍ତ ମହାନ୍ତ, ଜା-କୁଡୁମି, ଗ୍ରା-ନିଜର୍ଗାଁ
	ତଟାଣୀ	୧୯୮	ବେସରକାରୀ	ଡାହି-୨	୦.୦୨୦	ସାମଲାଲାଳକୁ ମାଝି, ପି-ବୈଟିଙ୍ଗ ମାଝି, ଛେଳେମୋହନ ମାଝି, ଇଟାଣ ମାଝି, ପି-ନରସିଂହ ମାଝି, ପାଳ ମାଝି, ସ୍ୱା-ନରସିଂହ ମାଝି, ଜା-ସାନ୍ତାଳ, ଗ୍ରା-ନିଜର୍ଗାଁ
	ତଟାଣୀ	୯୪	ବେସରକାରୀ	ଡାହି-୨	୦.୦୫୦	ସାମଲାଲାଳକୁ ମାଝି, ପି-ବୈଟିଙ୍ଗ ମାଝି, ଛେଳେମୋହନ ମାଝି, ଇଟାଣ ମାଝି, ପି-ନରସିଂହ ମାଝି, ପାଳ ମାଝି, ସ୍ୱା-ନରସିଂହ ମାଝି, ଜା-ସାନ୍ତାଳ, ଗ୍ରା-ନିଜର୍ଗାଁ
	ତଟାଣୀ	୪୩୩	ବେସରକାରୀ	ସାରଦ-୧	୦.୦୬୦	ଦିଙ୍ଗା ମାଝି, ପି-ରଧୁ ମାଝି, ଜା-ସାନ୍ତାଳ, ଗ୍ରା-ନିଜର୍ଗାଁ
	ତଟାଣୀ	୪୪୩	ବେସରକାରୀ	ସାରଦ-୧	୦.୩୦୦	ଭୀମକ ମାଝି, ଗଡଟ ମାଝି, ପି-ଦାମି ମାଝି, ଜା-ସାନ୍ତାଳ, ଗ୍ରା-ନିଜର୍ଗାଁ
	ତଟାଣୀ	୫୧୨	ବେସରକାରୀ	ସାରଦ-୨	୦.୧୮୦	ସୁମିତ୍ରା ପାତ୍ର, ପି-ଭାଇ ପାତ୍ର, ଆଚାରୀ ପାତ୍ର, ପି-ଘୁରେଲ ପାତ୍ର, ଜା-ପାଣ, ଗ୍ରା-ନିଜର୍ଗାଁ
	ତଟାଣୀ	୪୪୮	ବେସରକାରୀ	ସାରଦ-୩	୦.୨୬୦	ଉଦ୍ଧତାଖ ବେହେରା, ନାଗ ବେହେରା, ପି-ରାଘିଆ ବେହେରା, ଗୌରିଦିନ ବେହେରା, ଦୁଟି ବେହେରା, ପାଲାରି ବେହେରା, ପି-ତାମା ବେହେରା, ଜା-କୁମାର, ଗ୍ରା-ନିଜର୍ଗାଁ
	ତଟାଣୀ	୪୪୯	ବେସରକାରୀ	ସାରଦ-୨	୦.୧୯୦	ଉଦ୍ଧତାଖ ବେହେରା, ନାଗ ବେହେରା, ପି-ରାଘିଆ ବେହେରା, ଗୌରିଦିନ ବେହେରା, ଦୁଟି ବେହେରା, ପାଲାରି ବେହେରା, ପି-ତାମା ବେହେରା, ଜା-କୁମାର, ଗ୍ରା-ନିଜର୍ଗାଁ
	ତଟାଣୀ	୫୦୩	ବେସରକାରୀ	ସାରଦ-୨	୦.୧୦୦	ରାଗଟି ନିରୁପା, ସ୍ୱା-ସନସା ନିରୁପା, ଜା-ସାନ୍ତାଳ, ଗ୍ରା-ନିଜର୍ଗାଁ
	ତଟାଣୀ	୪୪୫/୧୩୦୪	ସରକାରୀ	ଗାଁଦିଶ ଜଙ୍ଗଲ ପ୍ଲଟ-୨	୦.୦୦୦	ଆବାଦ ଯୋଗ୍ୟ ଅନାବାଦି
	ତଟାଣୀ	୪୬୫	ବେସରକାରୀ	ସାରଦ-୩	୦.୦୨୦	ସରକୀ ମାଝି, ପି-ମେଘରାଇ ମାଝି, ଜା-ସାନ୍ତାଳ, ଗ୍ରା-ନିଜର୍ଗାଁ
	ତଟାଣୀ	୪୬୬	ବେସରକାରୀ	ସାରଦ-୩	୦.୦୫୦	ସରକୀ ମାଝି, ପି-ମେଘରାଇ ମାଝି, ଜା-ସାନ୍ତାଳ, ଗ୍ରା-ନିଜର୍ଗାଁ
	ତଟାଣୀ	୪୬୮	ବେସରକାରୀ	ଅସୁ	୦.୦୫୦	ସରକୀ ମାଝି, ପି-ମେଘରାଇ ମାଝି, ଜା-ସାନ୍ତାଳ, ଗ୍ରା-ନିଜର୍ଗାଁ
	ତଟାଣୀ	୫୦୩	ବେସରକାରୀ	ସାରଦ-୨	୦.୦୨୦	ସରକୀ ମାଝି, ପି-ମେଘରାଇ ମାଝି, ଜା-ସାନ୍ତାଳ, ଗ୍ରା-ନିଜର୍ଗାଁ

(See Next Page) ⅃
